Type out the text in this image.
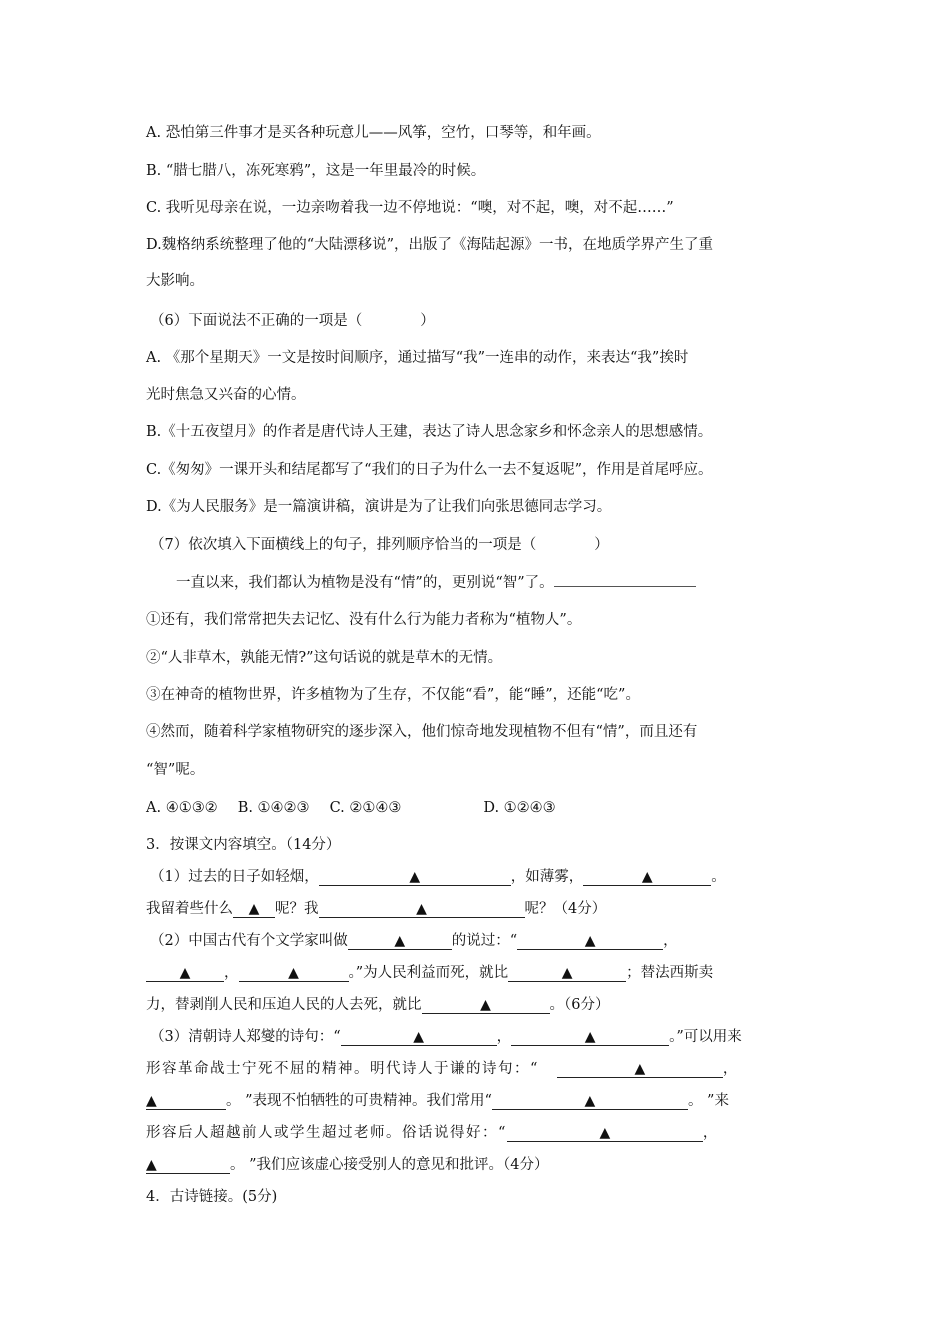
A. 恐怕第三件事才是买各种玩意儿——风筝，空竹，口琴等，和年画。
B. “腊七腊八，冻死寒鸦”，这是一年里最冷的时候。
C. 我听见母亲在说，一边亲吻着我一边不停地说：“噢，对不起，噢，对不起……”
D.魏格纳系统整理了他的“大陆漂移说”，出版了《海陆起源》一书，在地质学界产生了重
大影响。
（6）下面说法不正确的一项是（　　　　）
A. 《那个星期天》一文是按时间顺序，通过描写“我”一连串的动作，来表达“我”挨时
光时焦急又兴奋的心情。
B.《十五夜望月》的作者是唐代诗人王建，表达了诗人思念家乡和怀念亲人的思想感情。
C.《匆匆》一课开头和结尾都写了“我们的日子为什么一去不复返呢”，作用是首尾呼应。
D.《为人民服务》是一篇演讲稿，演讲是为了让我们向张思德同志学习。
（7）依次填入下面横线上的句子，排列顺序恰当的一项是（　　　　）
一直以来，我们都认为植物是没有“情”的，更别说“智”了。
①还有，我们常常把失去记忆、没有什么行为能力者称为“植物人”。
②“人非草木，孰能无情?”这句话说的就是草木的无情。
③在神奇的植物世界，许多植物为了生存，不仅能“看”，能“睡”，还能“吃”。
④然而，随着科学家植物研究的逐步深入，他们惊奇地发现植物不但有“情”，而且还有
“智”呢。
A. ④①③② B. ①④②③ C. ②①④③	D. ①②④③
3．按课文内容填空。（14分）
（1）过去的日子如轻烟，	▲	，如薄雾，	▲	。
我留着些什么 ▲ 呢？我	▲	呢？（4分）
（2）中国古代有个文学家叫做	▲	的说过：“	▲	，
▲ ，	▲	。”为人民利益而死，就比	▲	；替法西斯卖
力，替剥削人民和压迫人民的人去死，就比	▲	。（6分）
（3）清朝诗人郑燮的诗句：“	▲	，	▲	。”可以用来
形容革命战士宁死不屈的精神。明代诗人于谦的诗句：“	▲	，
▲	。 ”表现不怕牺牲的可贵精神。我们常用“	▲	。 ”来
形容后人超越前人或学生超过老师。俗话说得好：“	▲	，
▲	。 ”我们应该虚心接受别人的意见和批评。（4分）
4．古诗链接。(5分)
